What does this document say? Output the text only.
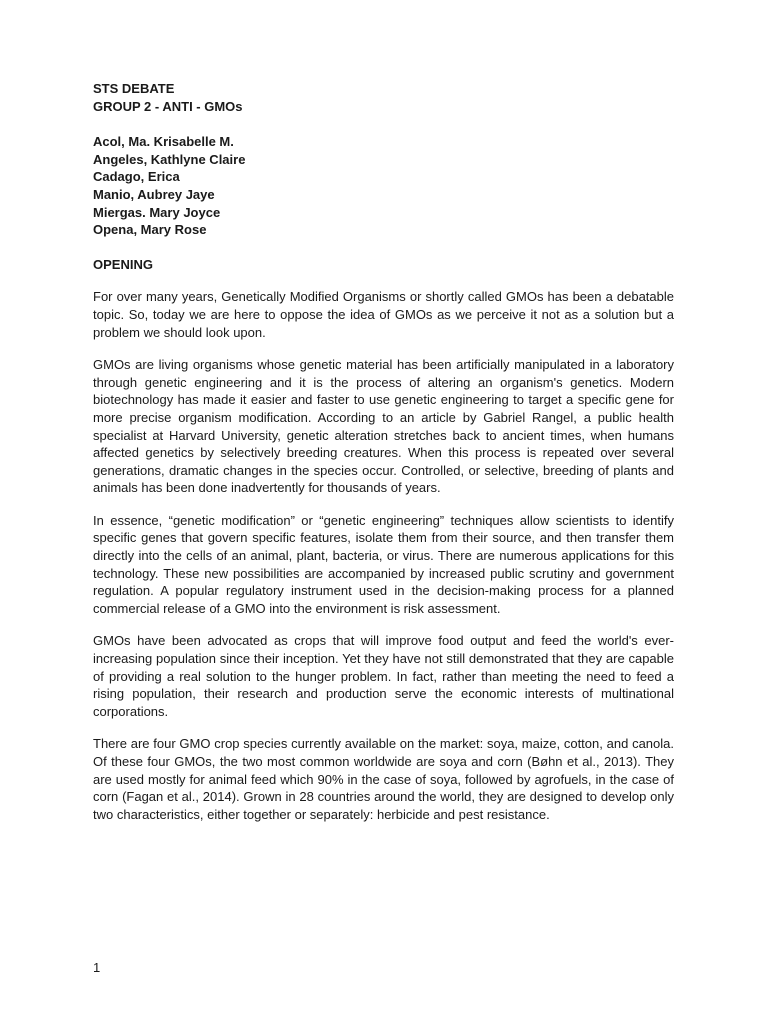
STS DEBATE
GROUP 2 - ANTI - GMOs
Acol, Ma. Krisabelle M.
Angeles, Kathlyne Claire
Cadago, Erica
Manio, Aubrey Jaye
Miergas. Mary Joyce
Opena, Mary Rose
OPENING

For over many years, Genetically Modified Organisms or shortly called GMOs has been a debatable topic. So, today we are here to oppose the idea of GMOs as we perceive it not as a solution but a problem we should look upon.

GMOs are living organisms whose genetic material has been artificially manipulated in a laboratory through genetic engineering and it is the process of altering an organism's genetics. Modern biotechnology has made it easier and faster to use genetic engineering to target a specific gene for more precise organism modification. According to an article by Gabriel Rangel, a public health specialist at Harvard University, genetic alteration stretches back to ancient times, when humans affected genetics by selectively breeding creatures. When this process is repeated over several generations, dramatic changes in the species occur. Controlled, or selective, breeding of plants and animals has been done inadvertently for thousands of years.

In essence, “genetic modification” or “genetic engineering” techniques allow scientists to identify specific genes that govern specific features, isolate them from their source, and then transfer them directly into the cells of an animal, plant, bacteria, or virus. There are numerous applications for this technology. These new possibilities are accompanied by increased public scrutiny and government regulation. A popular regulatory instrument used in the decision-making process for a planned commercial release of a GMO into the environment is risk assessment.

GMOs have been advocated as crops that will improve food output and feed the world's ever-increasing population since their inception. Yet they have not still demonstrated that they are capable of providing a real solution to the hunger problem. In fact, rather than meeting the need to feed a rising population, their research and production serve the economic interests of multinational corporations.

There are four GMO crop species currently available on the market: soya, maize, cotton, and canola. Of these four GMOs, the two most common worldwide are soya and corn (Bøhn et al., 2013). They are used mostly for animal feed which 90% in the case of soya, followed by agrofuels, in the case of corn (Fagan et al., 2014). Grown in 28 countries around the world, they are designed to develop only two characteristics, either together or separately: herbicide and pest resistance.

1
